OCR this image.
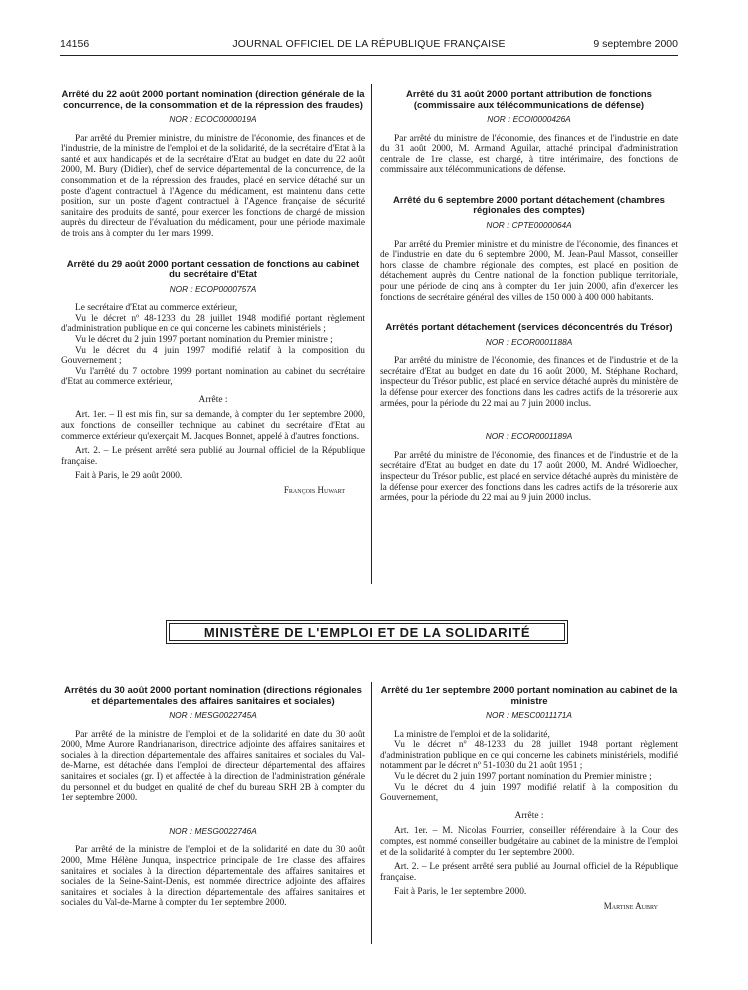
14156	JOURNAL OFFICIEL DE LA RÉPUBLIQUE FRANÇAISE	9 septembre 2000

Arrêté du 22 août 2000 portant nomination (direction générale de la concurrence, de la consommation et de la répression des fraudes)

NOR : ECOC0000019A

Par arrêté du Premier ministre, du ministre de l'économie, des finances et de l'industrie, de la ministre de l'emploi et de la solidarité, de la secrétaire d'Etat à la santé et aux handicapés et de la secrétaire d'Etat au budget en date du 22 août 2000, M. Bury (Didier), chef de service départemental de la concurrence, de la consommation et de la répression des fraudes, placé en service détaché sur un poste d'agent contractuel à l'Agence du médicament, est maintenu dans cette position, sur un poste d'agent contractuel à l'Agence française de sécurité sanitaire des produits de santé, pour exercer les fonctions de chargé de mission auprès du directeur de l'évaluation du médicament, pour une période maximale de trois ans à compter du 1er mars 1999.

Arrêté du 29 août 2000 portant cessation de fonctions au cabinet du secrétaire d'Etat

NOR : ECOP0000757A

Le secrétaire d'Etat au commerce extérieur,

Vu le décret nº 48-1233 du 28 juillet 1948 modifié portant règlement d'administration publique en ce qui concerne les cabinets ministériels ;

Vu le décret du 2 juin 1997 portant nomination du Premier ministre ;

Vu le décret du 4 juin 1997 modifié relatif à la composition du Gouvernement ;

Vu l'arrêté du 7 octobre 1999 portant nomination au cabinet du secrétaire d'Etat au commerce extérieur,

Arrête :

Art. 1er. – Il est mis fin, sur sa demande, à compter du 1er septembre 2000, aux fonctions de conseiller technique au cabinet du secrétaire d'Etat au commerce extérieur qu'exerçait M. Jacques Bonnet, appelé à d'autres fonctions.

Art. 2. – Le présent arrêté sera publié au Journal officiel de la République française.

Fait à Paris, le 29 août 2000.

François Huwart

Arrêté du 31 août 2000 portant attribution de fonctions (commissaire aux télécommunications de défense)

NOR : ECOI0000426A

Par arrêté du ministre de l'économie, des finances et de l'industrie en date du 31 août 2000, M. Armand Aguilar, attaché principal d'administration centrale de 1re classe, est chargé, à titre intérimaire, des fonctions de commissaire aux télécommunications de défense.

Arrêté du 6 septembre 2000 portant détachement (chambres régionales des comptes)

NOR : CPTE0000064A

Par arrêté du Premier ministre et du ministre de l'économie, des finances et de l'industrie en date du 6 septembre 2000, M. Jean-Paul Massot, conseiller hors classe de chambre régionale des comptes, est placé en position de détachement auprès du Centre national de la fonction publique territoriale, pour une période de cinq ans à compter du 1er juin 2000, afin d'exercer les fonctions de secrétaire général des villes de 150 000 à 400 000 habitants.

Arrêtés portant détachement (services déconcentrés du Trésor)

NOR : ECOR0001188A

Par arrêté du ministre de l'économie, des finances et de l'industrie et de la secrétaire d'Etat au budget en date du 16 août 2000, M. Stéphane Rochard, inspecteur du Trésor public, est placé en service détaché auprès du ministère de la défense pour exercer des fonctions dans les cadres actifs de la trésorerie aux armées, pour la période du 22 mai au 7 juin 2000 inclus.

NOR : ECOR0001189A

Par arrêté du ministre de l'économie, des finances et de l'industrie et de la secrétaire d'Etat au budget en date du 17 août 2000, M. André Widloecher, inspecteur du Trésor public, est placé en service détaché auprès du ministère de la défense pour exercer des fonctions dans les cadres actifs de la trésorerie aux armées, pour la période du 22 mai au 9 juin 2000 inclus.

MINISTÈRE DE L'EMPLOI ET DE LA SOLIDARITÉ

Arrêtés du 30 août 2000 portant nomination (directions régionales et départementales des affaires sanitaires et sociales)

NOR : MESG0022745A

Par arrêté de la ministre de l'emploi et de la solidarité en date du 30 août 2000, Mme Aurore Randrianarison, directrice adjointe des affaires sanitaires et sociales à la direction départementale des affaires sanitaires et sociales du Val-de-Marne, est détachée dans l'emploi de directeur départemental des affaires sanitaires et sociales (gr. I) et affectée à la direction de l'administration générale du personnel et du budget en qualité de chef du bureau SRH 2B à compter du 1er septembre 2000.

NOR : MESG0022746A

Par arrêté de la ministre de l'emploi et de la solidarité en date du 30 août 2000, Mme Hélène Junqua, inspectrice principale de 1re classe des affaires sanitaires et sociales à la direction départementale des affaires sanitaires et sociales de la Seine-Saint-Denis, est nommée directrice adjointe des affaires sanitaires et sociales à la direction départementale des affaires sanitaires et sociales du Val-de-Marne à compter du 1er septembre 2000.

Arrêté du 1er septembre 2000 portant nomination au cabinet de la ministre

NOR : MESC0011171A

La ministre de l'emploi et de la solidarité,

Vu le décret nº 48-1233 du 28 juillet 1948 portant règlement d'administration publique en ce qui concerne les cabinets ministériels, modifié notamment par le décret nº 51-1030 du 21 août 1951 ;

Vu le décret du 2 juin 1997 portant nomination du Premier ministre ;

Vu le décret du 4 juin 1997 modifié relatif à la composition du Gouvernement,

Arrête :

Art. 1er. – M. Nicolas Fourrier, conseiller référendaire à la Cour des comptes, est nommé conseiller budgétaire au cabinet de la ministre de l'emploi et de la solidarité à compter du 1er septembre 2000.

Art. 2. – Le présent arrêté sera publié au Journal officiel de la République française.

Fait à Paris, le 1er septembre 2000.

Martine Aubry
